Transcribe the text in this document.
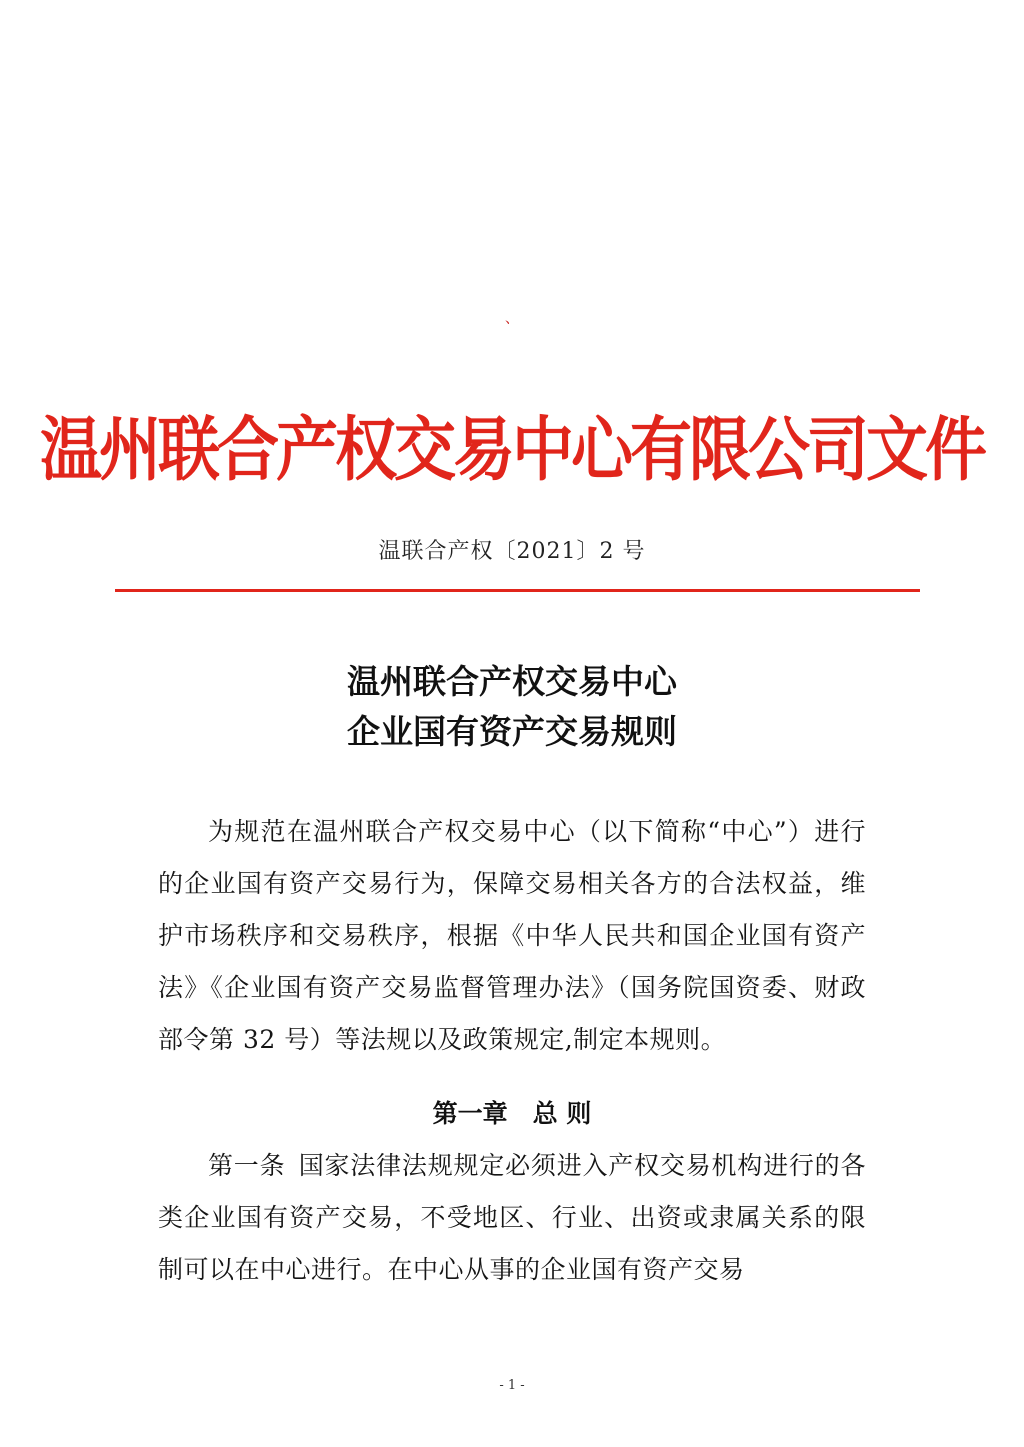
、
温州联合产权交易中心有限公司文件
温联合产权〔2021〕2 号
温州联合产权交易中心
企业国有资产交易规则
为规范在温州联合产权交易中心（以下简称“中心”）进行的企业国有资产交易行为，保障交易相关各方的合法权益，维护市场秩序和交易秩序，根据《中华人民共和国企业国有资产法》《企业国有资产交易监督管理办法》（国务院国资委、财政部令第 32 号）等法规以及政策规定,制定本规则。
第一章　总 则
第一条  国家法律法规规定必须进入产权交易机构进行的各类企业国有资产交易，不受地区、行业、出资或隶属关系的限制可以在中心进行。在中心从事的企业国有资产交易
- 1 -
